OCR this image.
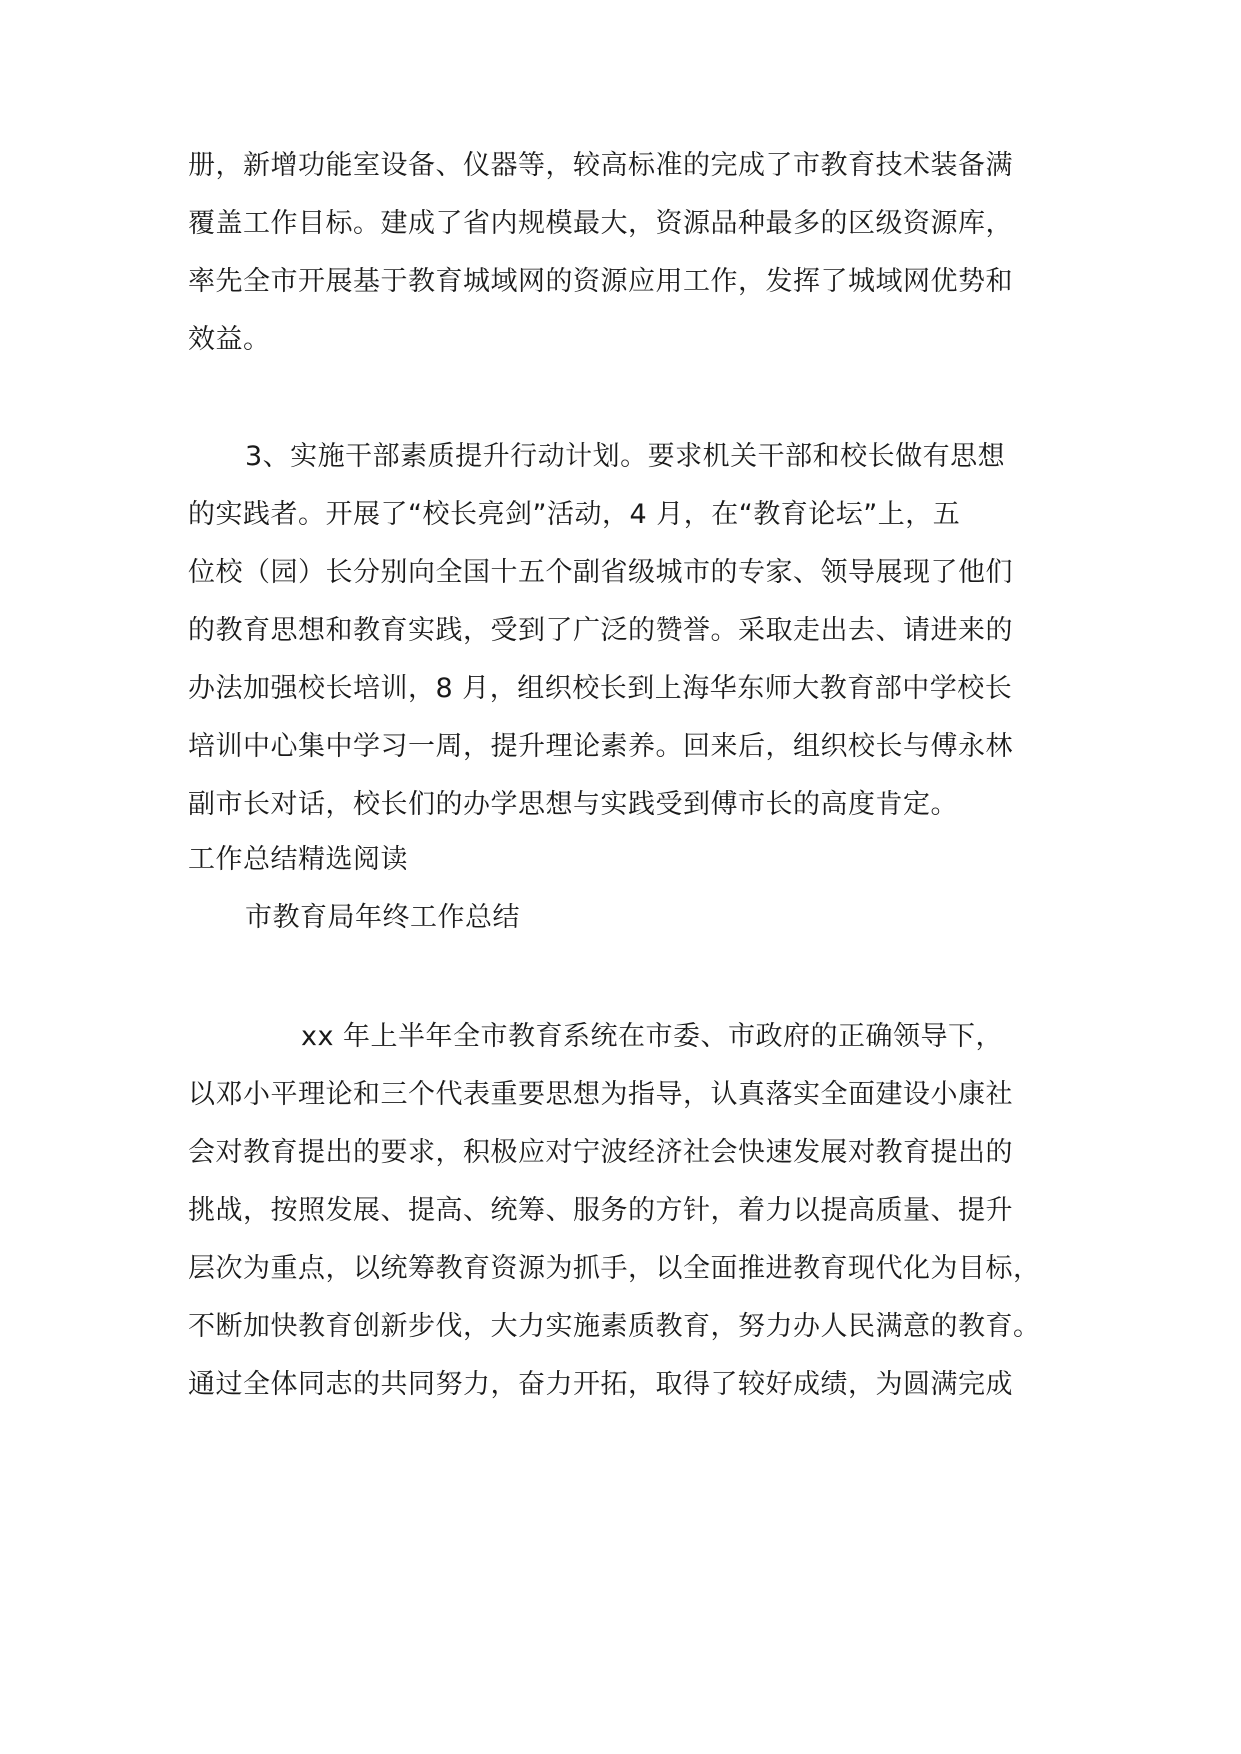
册，新增功能室设备、仪器等，较高标准的完成了市教育技术装备满
覆盖工作目标。建成了省内规模最大，资源品种最多的区级资源库，
率先全市开展基于教育城域网的资源应用工作，发挥了城域网优势和
效益。
3、实施干部素质提升行动计划。要求机关干部和校长做有思想
的实践者。开展了“校长亮剑”活动，4 月，在“教育论坛”上，五
位校（园）长分别向全国十五个副省级城市的专家、领导展现了他们
的教育思想和教育实践，受到了广泛的赞誉。采取走出去、请进来的
办法加强校长培训，8 月，组织校长到上海华东师大教育部中学校长
培训中心集中学习一周，提升理论素养。回来后，组织校长与傅永林
副市长对话，校长们的办学思想与实践受到傅市长的高度肯定。
工作总结精选阅读
市教育局年终工作总结
xx 年上半年全市教育系统在市委、市政府的正确领导下，
以邓小平理论和三个代表重要思想为指导，认真落实全面建设小康社
会对教育提出的要求，积极应对宁波经济社会快速发展对教育提出的
挑战，按照发展、提高、统筹、服务的方针，着力以提高质量、提升
层次为重点，以统筹教育资源为抓手，以全面推进教育现代化为目标，
不断加快教育创新步伐，大力实施素质教育，努力办人民满意的教育。
通过全体同志的共同努力，奋力开拓，取得了较好成绩，为圆满完成
